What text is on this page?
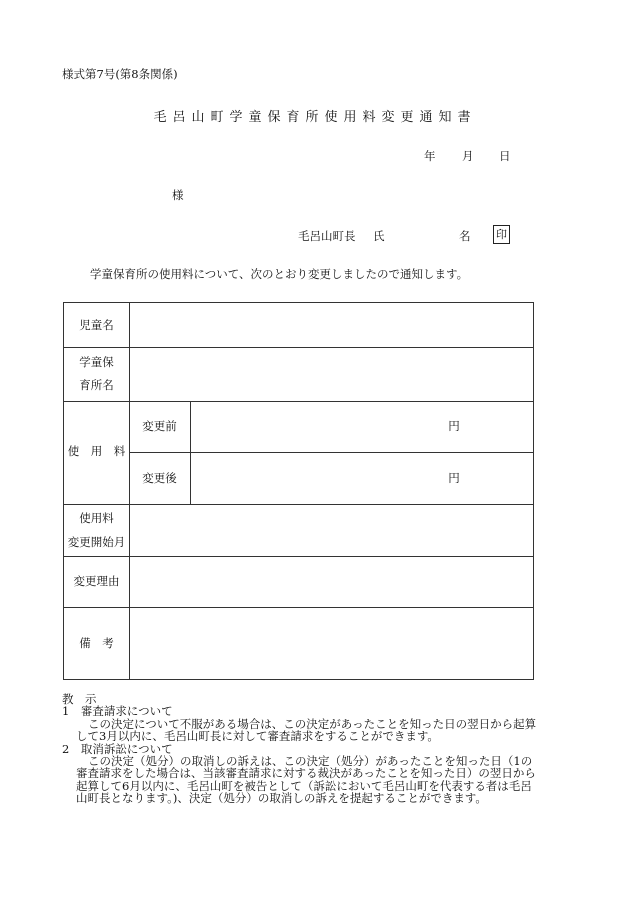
様式第7号(第8条関係)
毛呂山町学童保育所使用料変更通知書
年 月 日
様
毛呂山町長 氏	名 印
学童保育所の使用料について、次のとおり変更しましたので通知します。
児童名
学童保
育所名
使　用　料
変更前
変更後
円
円
使用料
変更開始月
変更理由
備　考
教　示
1　審査請求について
この決定について不服がある場合は、この決定があったことを知った日の翌日から起算
して3月以内に、毛呂山町長に対して審査請求をすることができます。
2　取消訴訟について
この決定（処分）の取消しの訴えは、この決定（処分）があったことを知った日（1の
審査請求をした場合は、当該審査請求に対する裁決があったことを知った日）の翌日から
起算して6月以内に、毛呂山町を被告として（訴訟において毛呂山町を代表する者は毛呂
山町長となります。)、決定（処分）の取消しの訴えを提起することができます。
